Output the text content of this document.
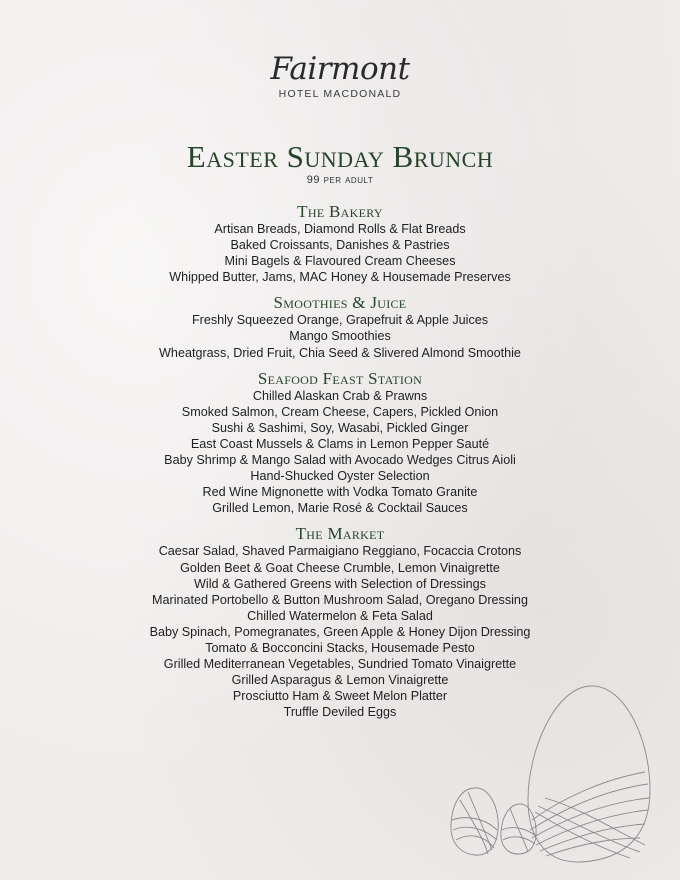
Fairmont
HOTEL MACDONALD
Easter Sunday Brunch
99 per adult
The Bakery
Artisan Breads, Diamond Rolls & Flat Breads
Baked Croissants, Danishes & Pastries
Mini Bagels & Flavoured Cream Cheeses
Whipped Butter, Jams, MAC Honey & Housemade Preserves
Smoothies & Juice
Freshly Squeezed Orange, Grapefruit & Apple Juices
Mango Smoothies
Wheatgrass, Dried Fruit, Chia Seed & Slivered Almond Smoothie
Seafood Feast Station
Chilled Alaskan Crab & Prawns
Smoked Salmon, Cream Cheese, Capers, Pickled Onion
Sushi & Sashimi, Soy, Wasabi, Pickled Ginger
East Coast Mussels & Clams in Lemon Pepper Sauté
Baby Shrimp & Mango Salad with Avocado Wedges Citrus Aioli
Hand-Shucked Oyster Selection
Red Wine Mignonette with Vodka Tomato Granite
Grilled Lemon, Marie Rosé & Cocktail Sauces
The Market
Caesar Salad, Shaved Parmaigiano Reggiano, Focaccia Crotons
Golden Beet & Goat Cheese Crumble, Lemon Vinaigrette
Wild & Gathered Greens with Selection of Dressings
Marinated Portobello & Button Mushroom Salad, Oregano Dressing
Chilled Watermelon & Feta Salad
Baby Spinach, Pomegranates, Green Apple & Honey Dijon Dressing
Tomato & Bocconcini Stacks, Housemade Pesto
Grilled Mediterranean Vegetables, Sundried Tomato Vinaigrette
Grilled Asparagus & Lemon Vinaigrette
Prosciutto Ham & Sweet Melon Platter
Truffle Deviled Eggs
